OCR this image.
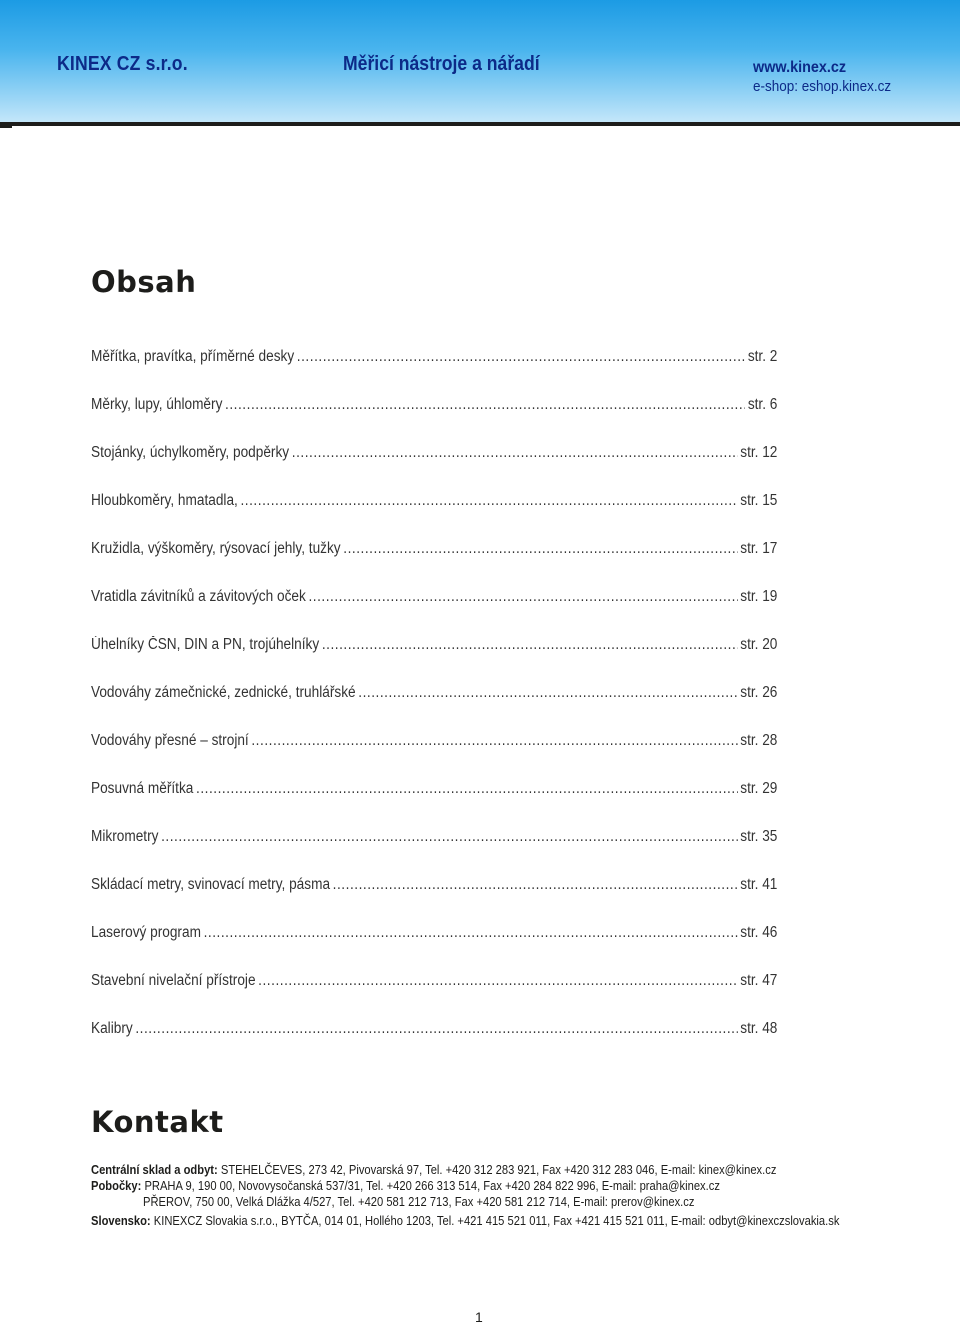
KINEX CZ s.r.o.	Měřicí nástroje a nářadí	www.kinex.cz
e-shop: eshop.kinex.cz
Obsah
Měřítka, pravítka, příměrné desky .....	str. 2
Měrky, lupy, úhloměry .....	str. 6
Stojánky, úchylkoměry, podpěrky .....	str. 12
Hloubkoměry, hmatadla, .....	str. 15
Kružidla, výškoměry, rýsovací jehly, tužky .....	str. 17
Vratidla závitníků a závitových oček .....	str. 19
Úhelníky ČSN, DIN a PN, trojúhelníky .....	str. 20
Vodováhy zámečnické, zednické, truhlářské .....	str. 26
Vodováhy přesné – strojní .....	str. 28
Posuvná měřítka .....	str. 29
Mikrometry .....	str. 35
Skládací metry, svinovací metry, pásma .....	str. 41
Laserový program .....	str. 46
Stavební nivelační přístroje .....	str. 47
Kalibry .....	str. 48
Kontakt
Centrální sklad a odbyt: STEHELČEVES, 273 42, Pivovarská 97, Tel. +420 312 283 921, Fax +420 312 283 046, E-mail: kinex@kinex.cz
Pobočky: PRAHA 9, 190 00, Novovysočanská 537/31, Tel. +420 266 313 514, Fax +420 284 822 996, E-mail: praha@kinex.cz
PŘEROV, 750 00, Velká Dlážka 4/527, Tel. +420 581 212 713, Fax +420 581 212 714, E-mail: prerov@kinex.cz
Slovensko: KINEXCZ Slovakia s.r.o., BYTČA, 014 01, Hollého 1203, Tel. +421 415 521 011, Fax +421 415 521 011, E-mail: odbyt@kinexczslovakia.sk
1
